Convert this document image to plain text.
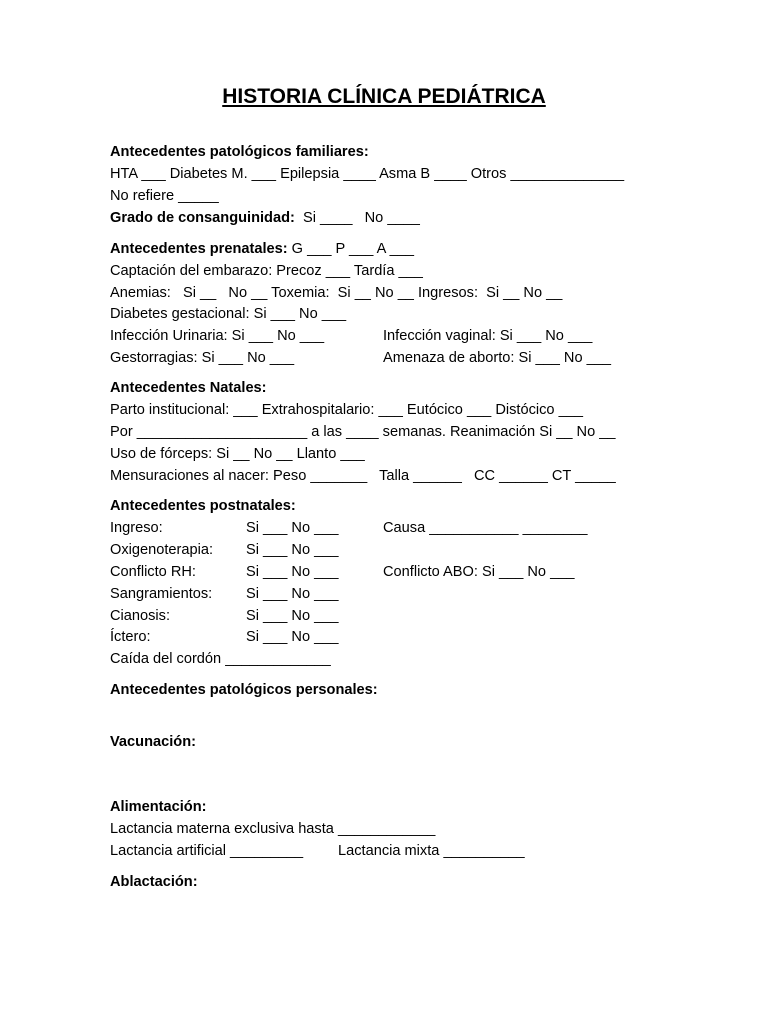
HISTORIA CLÍNICA PEDIÁTRICA
Antecedentes patológicos familiares:
HTA ___ Diabetes M. ___ Epilepsia ____ Asma B ____ Otros ______________
No refiere _____
Grado de consanguinidad:  Si ____   No ____
Antecedentes prenatales: G ___ P ___ A ___
Captación del embarazo: Precoz ___ Tardía ___
Anemias:   Si __   No __ Toxemia:  Si __ No __ Ingresos:  Si __ No __
Diabetes gestacional: Si ___ No ___
Infección Urinaria: Si ___ No ___	Infección vaginal: Si ___ No ___
Gestorragias: Si ___ No ___	Amenaza de aborto: Si ___ No ___
Antecedentes Natales:
Parto institucional: ___ Extrahospitalario: ___ Eutócico ___ Distócico ___
Por _____________________ a las ____ semanas. Reanimación Si __ No __
Uso de fórceps: Si __ No __ Llanto ___
Mensuraciones al nacer: Peso _______   Talla ______   CC ______ CT _____
Antecedentes postnatales:
Ingreso:	Si ___ No ___	Causa ___________ ________
Oxigenoterapia: Si ___ No ___
Conflicto RH:	Si ___ No ___	Conflicto ABO: Si ___ No ___
Sangramientos: Si ___ No ___
Cianosis:	Si ___ No ___
Íctero:	Si ___ No ___
Caída del cordón _____________
Antecedentes patológicos personales:
Vacunación:
Alimentación:
Lactancia materna exclusiva hasta ____________
Lactancia artificial _________ Lactancia mixta __________
Ablactación:
